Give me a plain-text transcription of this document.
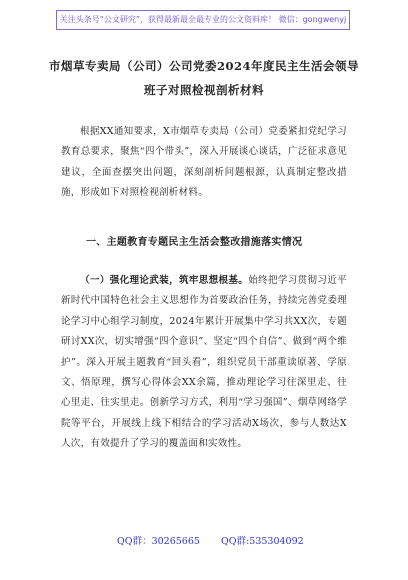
关注头条号“公文研究”，获得最新最全最专业的公文资料库！ 微信：gongwenyj
市烟草专卖局（公司）公司党委2024年度民主生活会领导
班子对照检视剖析材料
根据XX通知要求，X市烟草专卖局（公司）党委紧扣党纪学习教育总要求，聚焦“四个带头”，深入开展谈心谈话，广泛征求意见建议，全面查摆突出问题，深刻剖析问题根源，认真制定整改措施，形成如下对照检视剖析材料。
一、主题教育专题民主生活会整改措施落实情况
（一）强化理论武装，筑牢思想根基。始终把学习贯彻习近平新时代中国特色社会主义思想作为首要政治任务，持续完善党委理论学习中心组学习制度，2024年累计开展集中学习共XX次，专题研讨XX次，切实增强“四个意识”、坚定“四个自信”、做到“两个维护”。深入开展主题教育“回头看”，组织党员干部重读原著、学原文、悟原理，撰写心得体会XX余篇，推动理论学习往深里走、往心里走、往实里走。创新学习方式，利用“学习强国”、烟草网络学院等平台，开展线上线下相结合的学习活动X场次，参与人数达X人次，有效提升了学习的覆盖面和实效性。
QQ群：30265665 QQ群:535304092
